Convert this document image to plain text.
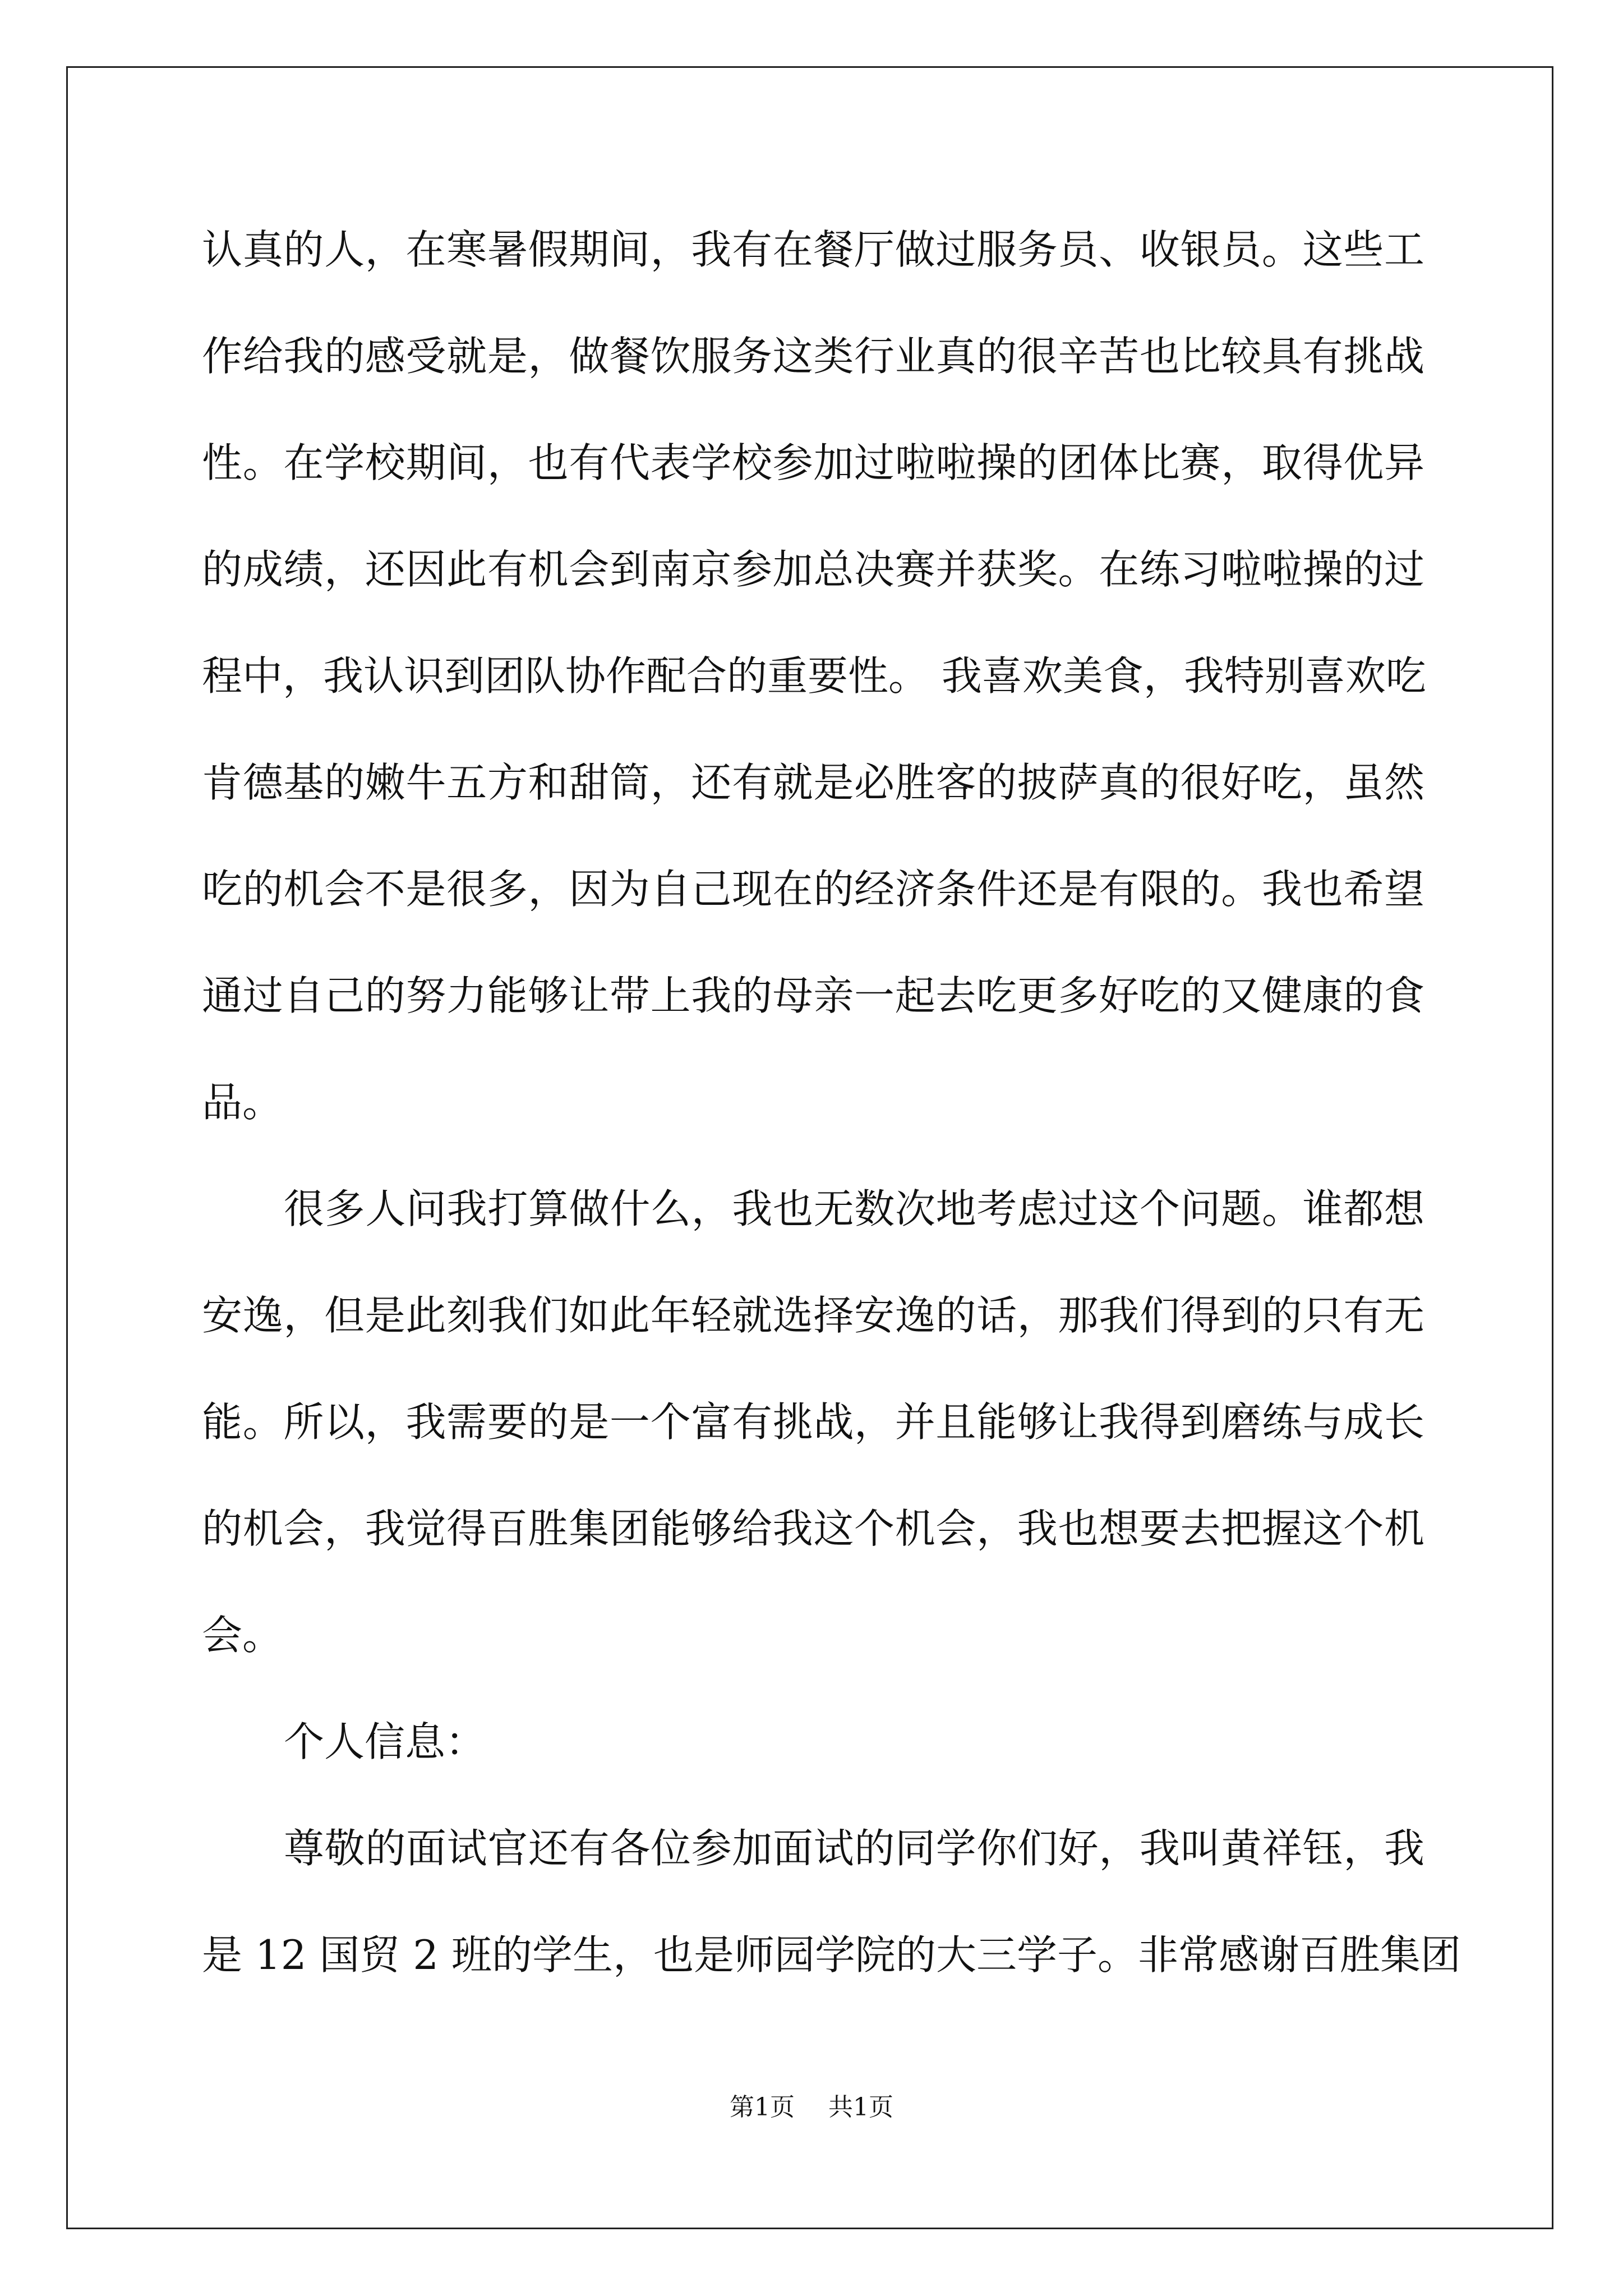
认真的人，在寒暑假期间，我有在餐厅做过服务员、收银员。这些工
作给我的感受就是，做餐饮服务这类行业真的很辛苦也比较具有挑战
性。在学校期间，也有代表学校参加过啦啦操的团体比赛，取得优异
的成绩，还因此有机会到南京参加总决赛并获奖。在练习啦啦操的过
程中，我认识到团队协作配合的重要性。 我喜欢美食，我特别喜欢吃
肯德基的嫩牛五方和甜筒，还有就是必胜客的披萨真的很好吃，虽然
吃的机会不是很多，因为自己现在的经济条件还是有限的。我也希望
通过自己的努力能够让带上我的母亲一起去吃更多好吃的又健康的食
品。
很多人问我打算做什么，我也无数次地考虑过这个问题。谁都想
安逸，但是此刻我们如此年轻就选择安逸的话，那我们得到的只有无
能。所以，我需要的是一个富有挑战，并且能够让我得到磨练与成长
的机会，我觉得百胜集团能够给我这个机会，我也想要去把握这个机
会。
个人信息：
尊敬的面试官还有各位参加面试的同学你们好，我叫黄祥钰，我
是 12 国贸 2 班的学生，也是师园学院的大三学子。非常感谢百胜集团
第1页 共1页
